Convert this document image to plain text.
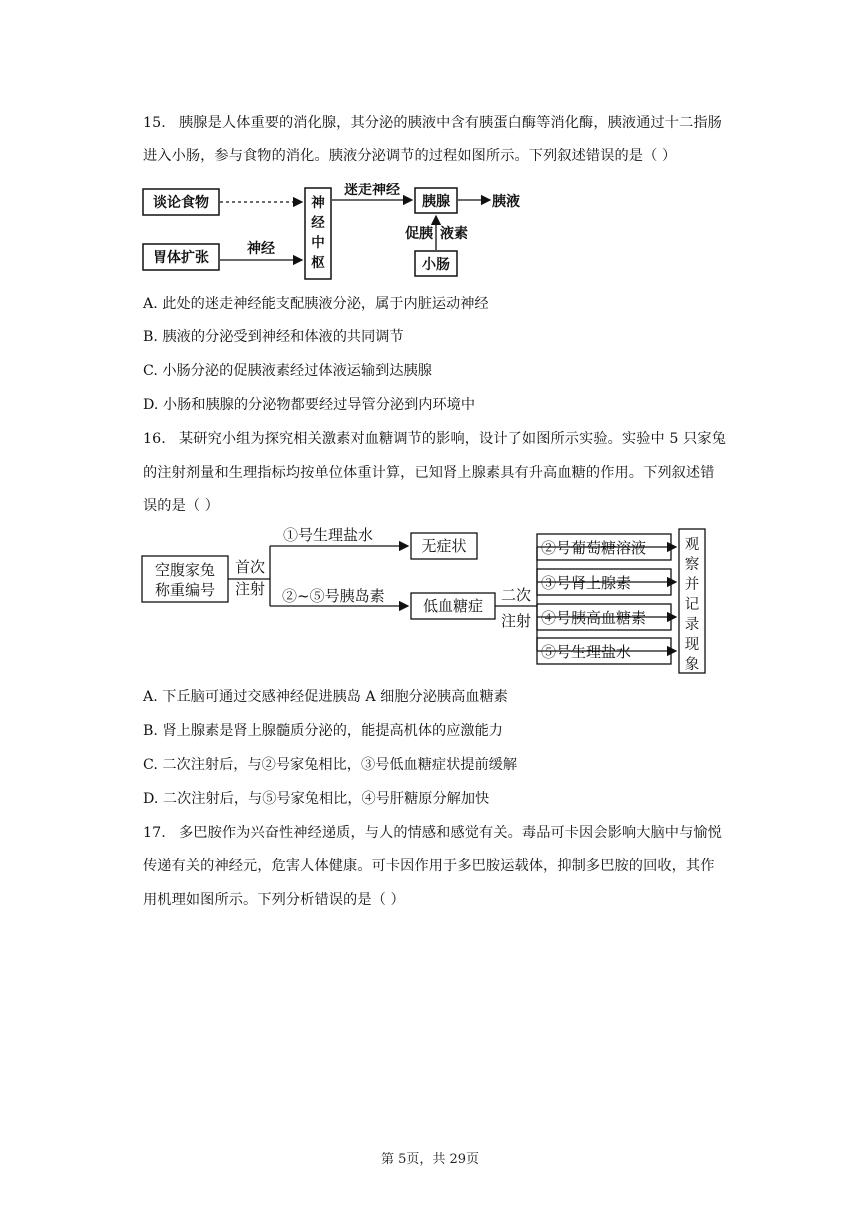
15. 胰腺是人体重要的消化腺，其分泌的胰液中含有胰蛋白酶等消化酶，胰液通过十二指肠
进入小肠，参与食物的消化。胰液分泌调节的过程如图所示。下列叙述错误的是（ ）
谈论食物
胃体扩张
神经
神
经
中
枢
迷走神经
胰腺	胰液
促胰 液素
小肠
A. 此处的迷走神经能支配胰液分泌，属于内脏运动神经
B. 胰液的分泌受到神经和体液的共同调节
C. 小肠分泌的促胰液素经过体液运输到达胰腺
D. 小肠和胰腺的分泌物都要经过导管分泌到内环境中
16. 某研究小组为探究相关激素对血糖调节的影响，设计了如图所示实验。实验中 5 只家兔
的注射剂量和生理指标均按单位体重计算，已知肾上腺素具有升高血糖的作用。下列叙述错
误的是（ ）
空腹家兔
称重编号
首次
注射
①号生理盐水
②~⑤号胰岛素
无症状
低血糖症
二次
注射
②号葡萄糖溶液
③号肾上腺素
④号胰高血糖素
⑤号生理盐水
观
察
并
记
录
现
象
A. 下丘脑可通过交感神经促进胰岛 A 细胞分泌胰高血糖素
B. 肾上腺素是肾上腺髓质分泌的，能提高机体的应激能力
C. 二次注射后，与②号家兔相比，③号低血糖症状提前缓解
D. 二次注射后，与⑤号家兔相比，④号肝糖原分解加快
17. 多巴胺作为兴奋性神经递质，与人的情感和感觉有关。毒品可卡因会影响大脑中与愉悦
传递有关的神经元，危害人体健康。可卡因作用于多巴胺运载体，抑制多巴胺的回收，其作
用机理如图所示。下列分析错误的是（ ）
第 5页，共 29页
